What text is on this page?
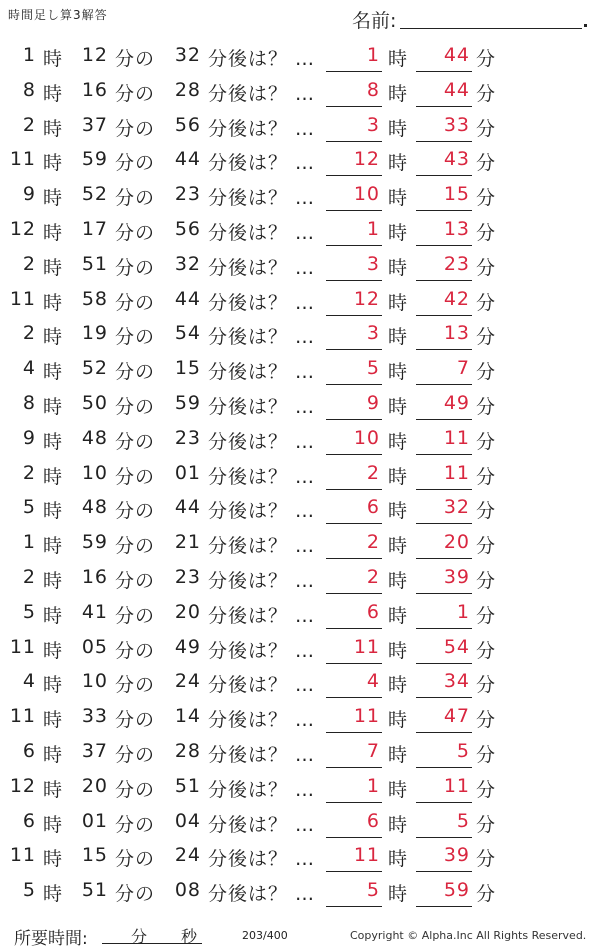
時間足し算3解答	名前:
1 時 12 分の	32 分後は？ …	1 時	44 分
8 時 16 分の	28 分後は？ …	8 時	44 分
2 時 37 分の	56 分後は？ …	3 時	33 分
11 時 59 分の	44 分後は？ …	12 時	43 分
9 時 52 分の	23 分後は？ …	10 時	15 分
12 時 17 分の	56 分後は？ …	1 時	13 分
2 時 51 分の	32 分後は？ …	3 時	23 分
11 時 58 分の	44 分後は？ …	12 時	42 分
2 時 19 分の	54 分後は？ …	3 時	13 分
4 時 52 分の	15 分後は？ …	5 時	7 分
8 時 50 分の	59 分後は？ …	9 時	49 分
9 時 48 分の	23 分後は？ …	10 時	11 分
2 時 10 分の	01 分後は？ …	2 時	11 分
5 時 48 分の	44 分後は？ …	6 時	32 分
1 時 59 分の	21 分後は？ …	2 時	20 分
2 時 16 分の	23 分後は？ …	2 時	39 分
5 時 41 分の	20 分後は？ …	6 時	1 分
11 時 05 分の	49 分後は？ …	11 時	54 分
4 時 10 分の	24 分後は？ …	4 時	34 分
11 時 33 分の	14 分後は？ …	11 時	47 分
6 時 37 分の	28 分後は？ …	7 時	5 分
12 時 20 分の	51 分後は？ …	1 時	11 分
6 時 01 分の	04 分後は？ …	6 時	5 分
11 時 15 分の	24 分後は？ …	11 時	39 分
5 時 51 分の	08 分後は？ …	5 時	59 分
所要時間:	分 秒	203/400	Copyright © Alpha.Inc All Rights Reserved.
